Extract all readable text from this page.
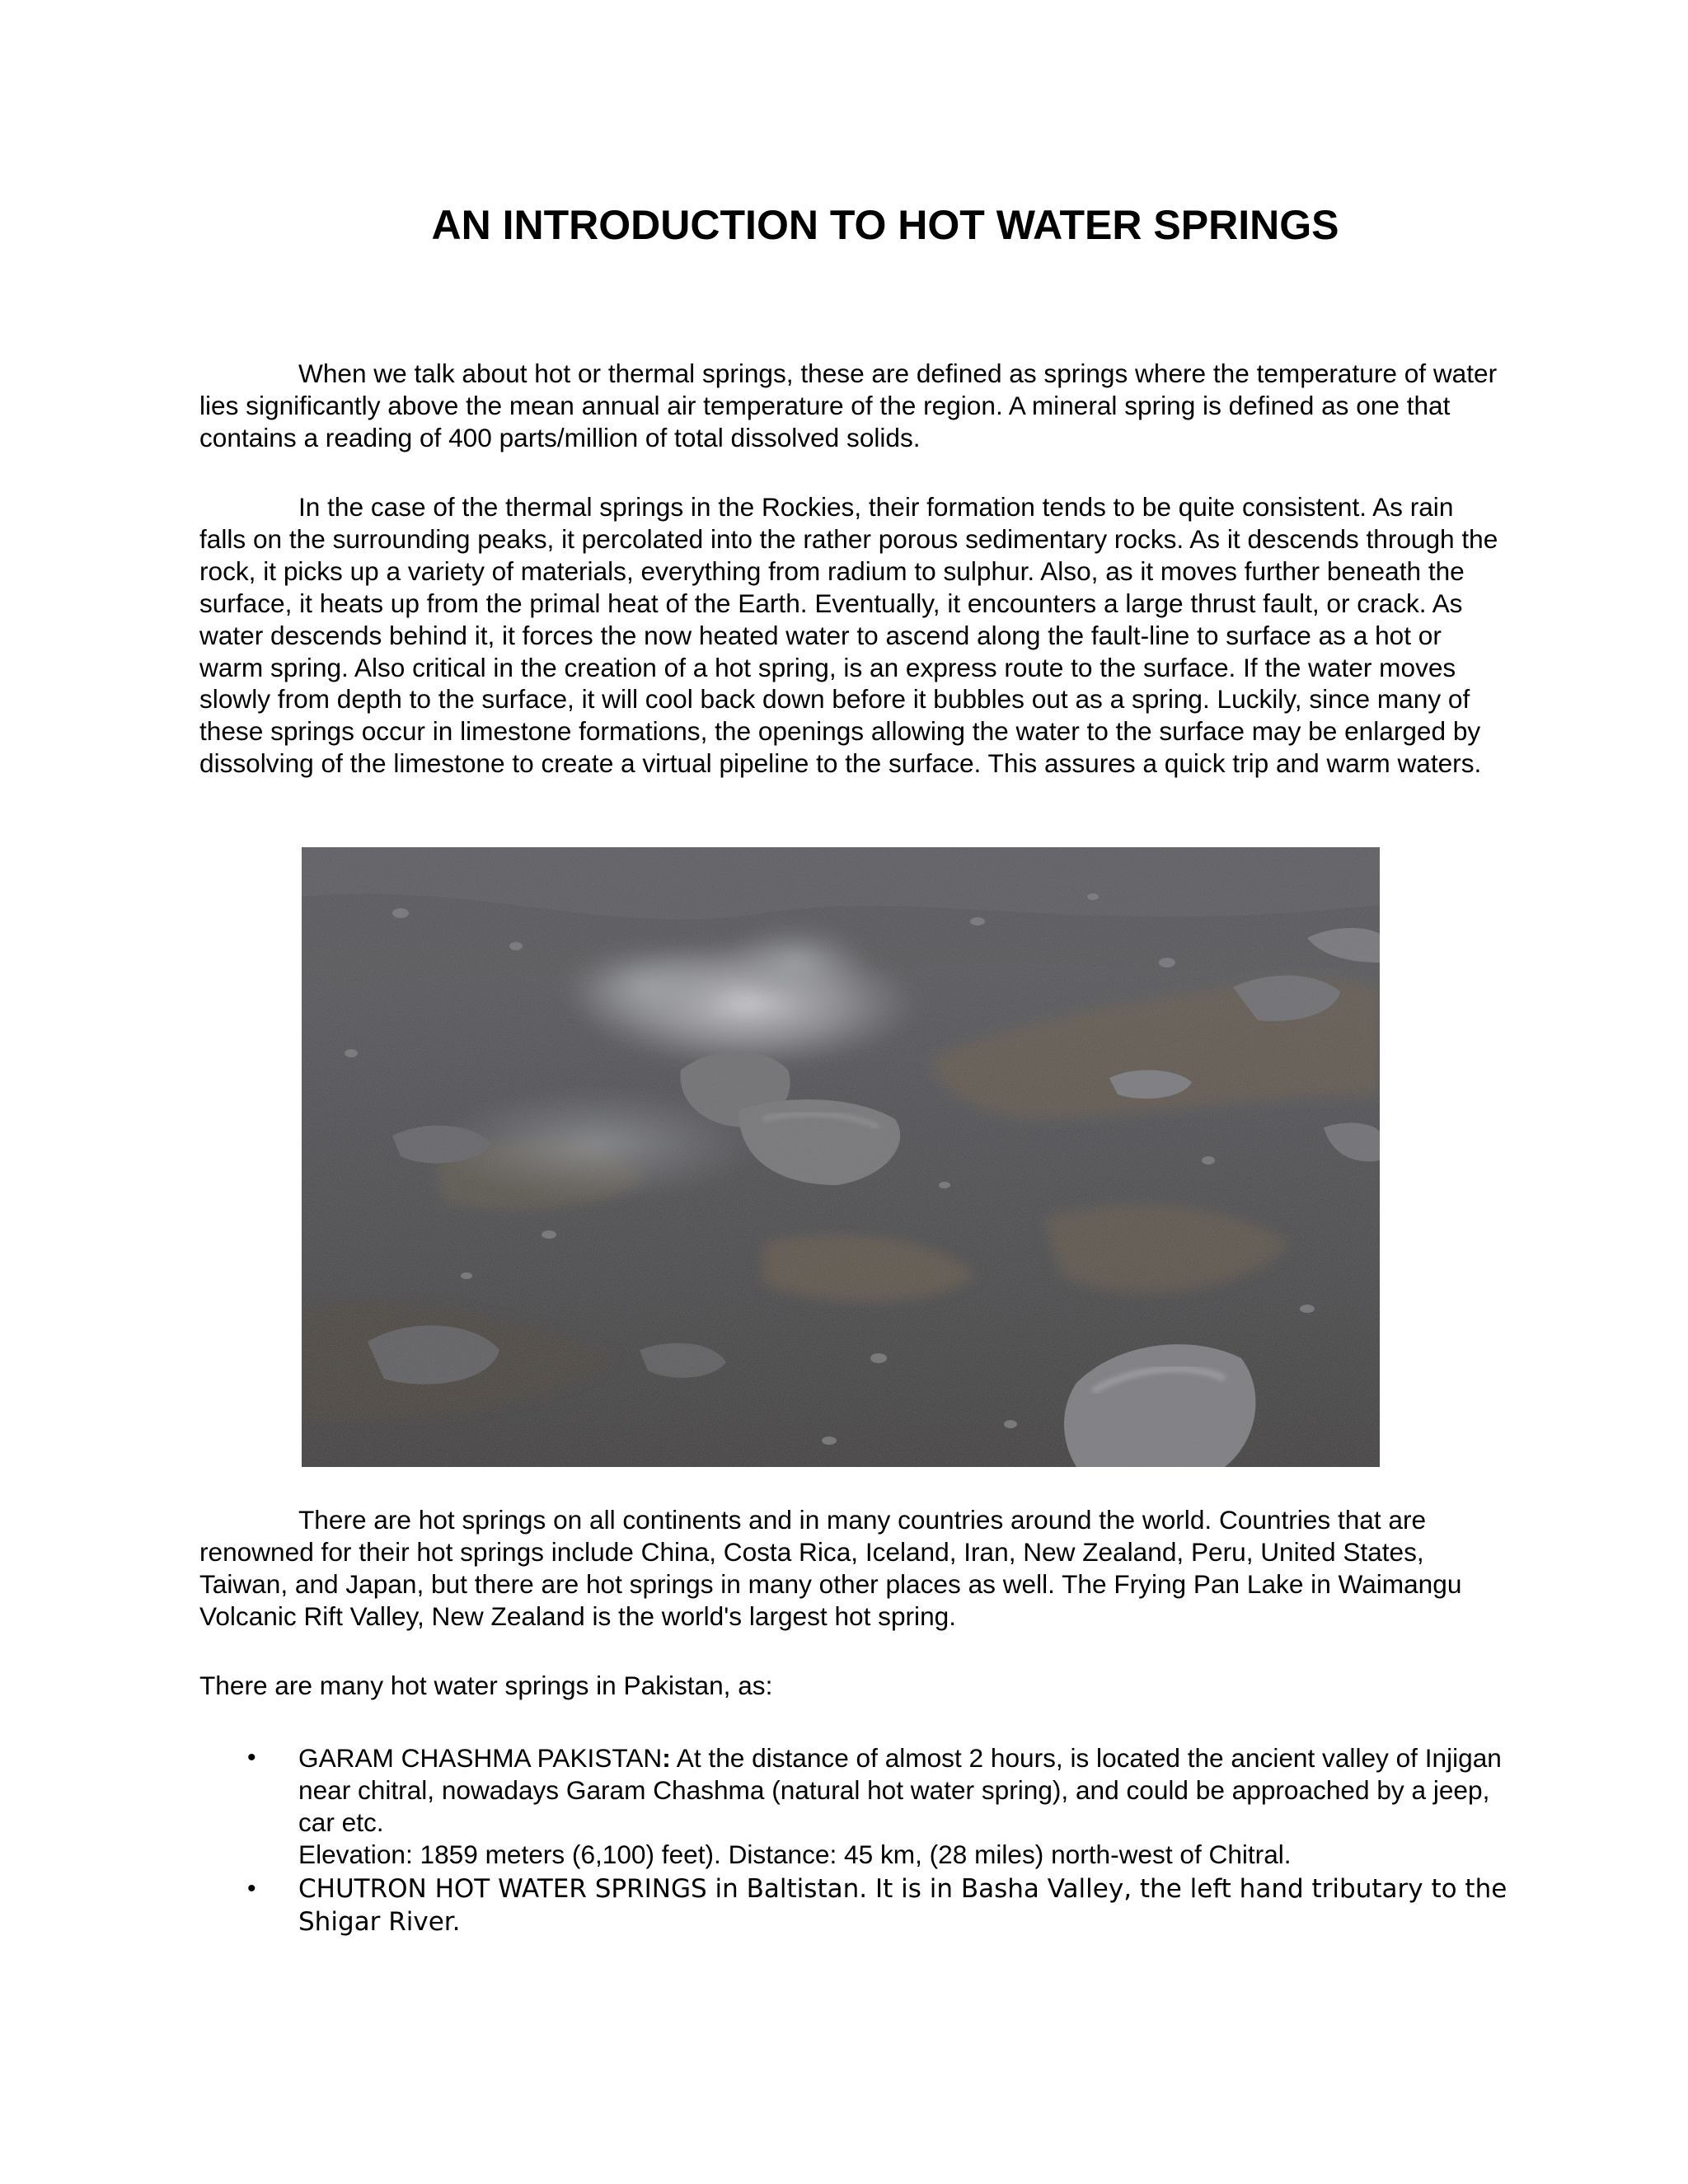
AN INTRODUCTION TO HOT WATER SPRINGS

When we talk about hot or thermal springs, these are defined as springs where the temperature of water lies significantly above the mean annual air temperature of the region. A mineral spring is defined as one that contains a reading of 400 parts/million of total dissolved solids.

In the case of the thermal springs in the Rockies, their formation tends to be quite consistent. As rain falls on the surrounding peaks, it percolated into the rather porous sedimentary rocks. As it descends through the rock, it picks up a variety of materials, everything from radium to sulphur. Also, as it moves further beneath the surface, it heats up from the primal heat of the Earth. Eventually, it encounters a large thrust fault, or crack. As water descends behind it, it forces the now heated water to ascend along the fault-line to surface as a hot or warm spring. Also critical in the creation of a hot spring, is an express route to the surface. If the water moves slowly from depth to the surface, it will cool back down before it bubbles out as a spring. Luckily, since many of these springs occur in limestone formations, the openings allowing the water to the surface may be enlarged by dissolving of the limestone to create a virtual pipeline to the surface. This assures a quick trip and warm waters.

There are hot springs on all continents and in many countries around the world. Countries that are renowned for their hot springs include China, Costa Rica, Iceland, Iran, New Zealand, Peru, United States, Taiwan, and Japan, but there are hot springs in many other places as well. The Frying Pan Lake in Waimangu Volcanic Rift Valley, New Zealand is the world's largest hot spring.

There are many hot water springs in Pakistan, as:

• GARAM CHASHMA PAKISTAN: At the distance of almost 2 hours, is located the ancient valley of Injigan near chitral, nowadays Garam Chashma (natural hot water spring), and could be approached by a jeep, car etc.
Elevation: 1859 meters (6,100) feet). Distance: 45 km, (28 miles) north-west of Chitral.
• CHUTRON HOT WATER SPRINGS in Baltistan. It is in Basha Valley, the left hand tributary to the Shigar River.
